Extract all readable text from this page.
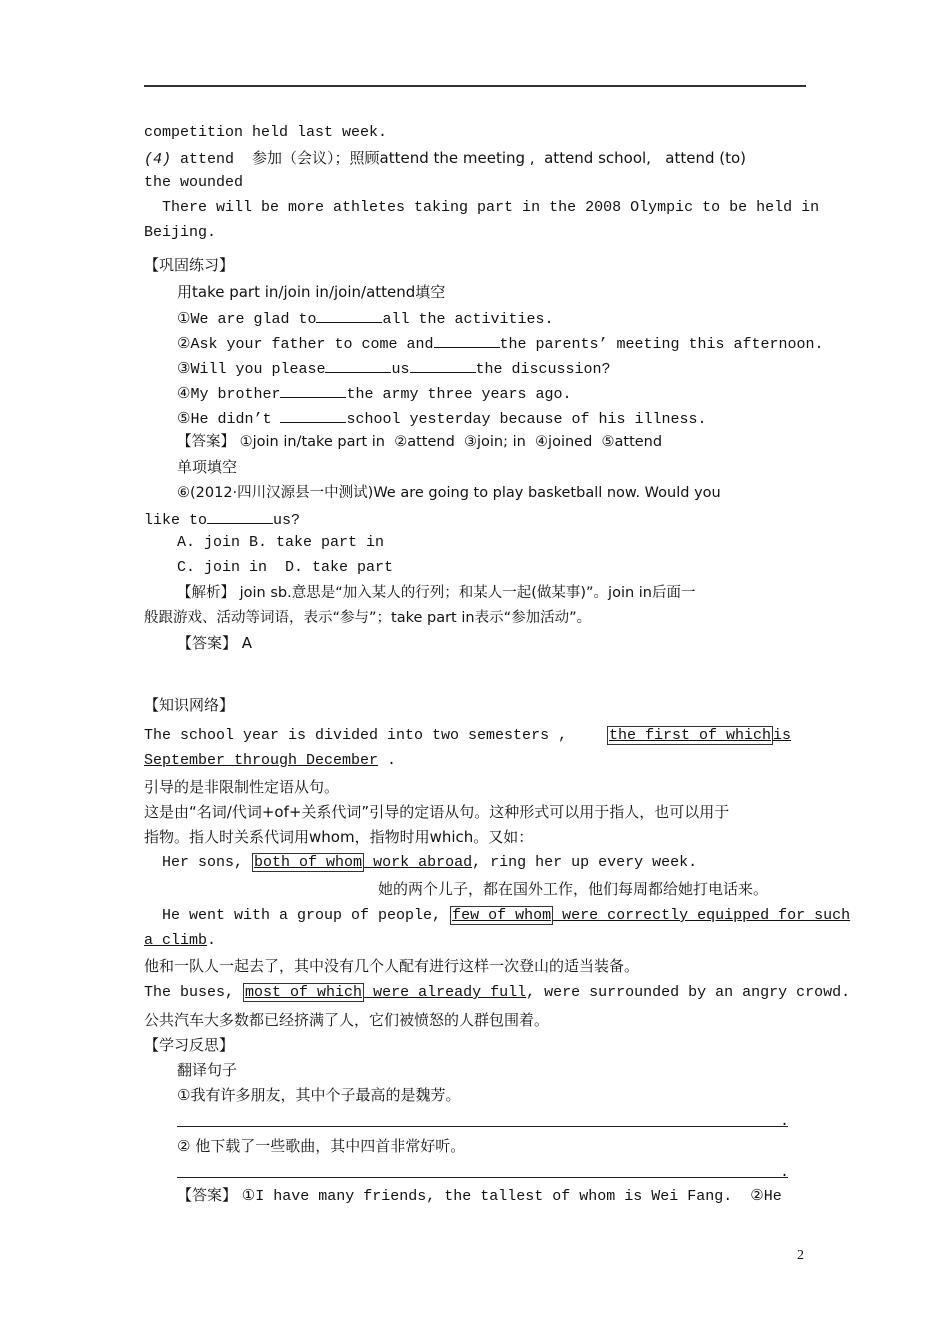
competition held last week.
(4) attend  参加（会议）；照顾attend the meeting ,  attend school,   attend (to)
the wounded
There will be more athletes taking part in the 2008 Olympic to be held in
Beijing.
【巩固练习】
用take part in/join in/join/attend填空
①We are glad to	all the activities.
②Ask your father to come and	the parents’ meeting this afternoon.
③Will you please	us	the discussion?
④My brother	the army three years ago.
⑤He didn’t	school yesterday because of his illness.
【答案】 ①join in/take part in  ②attend  ③join; in  ④joined  ⑤attend
单项填空
⑥(2012·四川汉源县一中测试)We are going to play basketball now. Would you
like to	us?
A. join B. take part in
C. join in  D. take part
【解析】 join sb.意思是“加入某人的行列；和某人一起(做某事)”。join in后面一
般跟游戏、活动等词语，表示“参与”；take part in表示“参加活动”。
【答案】 A
【知识网络】
The school year is divided into two semesters , the first of which is
September through December .
引导的是非限制性定语从句。
这是由“名词/代词+of+关系代词”引导的定语从句。这种形式可以用于指人，也可以用于
指物。指人时关系代词用whom，指物时用which。又如：
Her sons, both of whom work abroad, ring her up every week.
她的两个儿子，都在国外工作，他们每周都给她打电话来。
He went with a group of people, few of whom were correctly equipped for such
a climb.
他和一队人一起去了，其中没有几个人配有进行这样一次登山的适当装备。
The buses, most of which were already full, were surrounded by an angry crowd.
公共汽车大多数都已经挤满了人，它们被愤怒的人群包围着。
【学习反思】
翻译句子
①我有许多朋友，其中个子最高的是魏芳。
.
② 他下载了一些歌曲，其中四首非常好听。
.
【答案】 ①I have many friends, the tallest of whom is Wei Fang.  ②He
2
